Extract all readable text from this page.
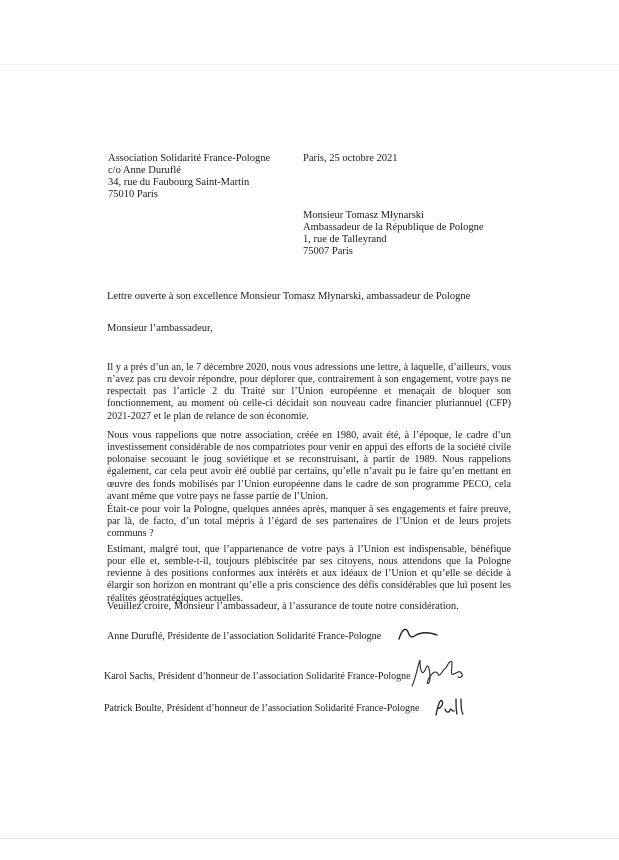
Association Solidarité France-Pologne
c/o Anne Duruflé
34, rue du Faubourg Saint-Martin
75010 Paris
Paris, 25 octobre 2021
Monsieur Tomasz Młynarski
Ambassadeur de la République de Pologne
1, rue de Talleyrand
75007 Paris
Lettre ouverte à son excellence Monsieur Tomasz Młynarski, ambassadeur de Pologne
Monsieur l’ambassadeur,

Il y a près d’un an, le 7 décembre 2020, nous vous adressions une lettre, à laquelle, d’ailleurs, vous n’avez pas cru devoir répondre, pour déplorer que, contrairement à son engagement, votre pays ne respectait pas l’article 2 du Traité sur l’Union européenne et menaçait de bloquer son fonctionnement, au moment où celle-ci décidait son nouveau cadre financier pluriannuel (CFP) 2021-2027 et le plan de relance de son économie.

Nous vous rappelions que notre association, créée en 1980, avait été, à l’époque, le cadre d’un investissement considérable de nos compatriotes pour venir en appui des efforts de la société civile polonaise secouant le joug soviétique et se reconstruisant, à partir de 1989. Nous rappelions également, car cela peut avoir été oublié par certains, qu’elle n’avait pu le faire qu’en mettant en œuvre des fonds mobilisés par l’Union européenne dans le cadre de son programme PECO, cela avant même que votre pays ne fasse partie de l’Union.

Était-ce pour voir la Pologne, quelques années après, manquer à ses engagements et faire preuve, par là, de facto, d’un total mépris à l’égard de ses partenaires de l’Union et de leurs projets communs ?

Estimant, malgré tout, que l’appartenance de votre pays à l’Union est indispensable, bénéfique pour elle et, semble-t-il, toujours plébiscitée par ses citoyens, nous attendons que la Pologne revienne à des positions conformes aux intérêts et aux idéaux de l’Union et qu’elle se décide à élargir son horizon en montrant qu’elle a pris conscience des défis considérables que lui posent les réalités géostratégiques actuelles.

Veuillez croire, Monsieur l’ambassadeur, à l’assurance de toute notre considération.
Anne Duruflé, Présidente de l’association Solidarité France-Pologne
Karol Sachs, Président d’honneur de l’association Solidarité France-Pologne
Patrick Boulte, Président d’honneur de l’association Solidarité France-Pologne
